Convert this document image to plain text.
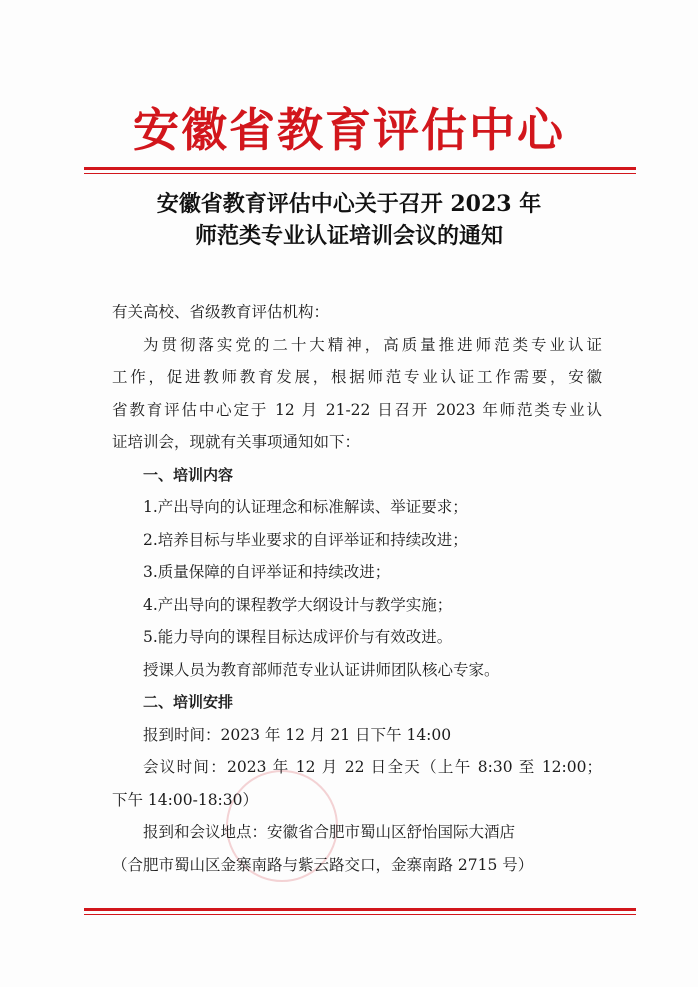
安徽省教育评估中心
安徽省教育评估中心关于召开 2023 年
师范类专业认证培训会议的通知
有关高校、省级教育评估机构：
为贯彻落实党的二十大精神，高质量推进师范类专业认证
工作，促进教师教育发展，根据师范专业认证工作需要，安徽
省教育评估中心定于 12 月 21-22 日召开 2023 年师范类专业认
证培训会，现就有关事项通知如下：
一、培训内容
1.产出导向的认证理念和标准解读、举证要求；
2.培养目标与毕业要求的自评举证和持续改进；
3.质量保障的自评举证和持续改进；
4.产出导向的课程教学大纲设计与教学实施；
5.能力导向的课程目标达成评价与有效改进。
授课人员为教育部师范专业认证讲师团队核心专家。
二、培训安排
报到时间：2023 年 12 月 21 日下午 14:00
会议时间：2023 年 12 月 22 日全天（上午 8:30 至 12:00；
下午 14:00-18:30）
报到和会议地点：安徽省合肥市蜀山区舒怡国际大酒店
（合肥市蜀山区金寨南路与紫云路交口，金寨南路 2715 号）
